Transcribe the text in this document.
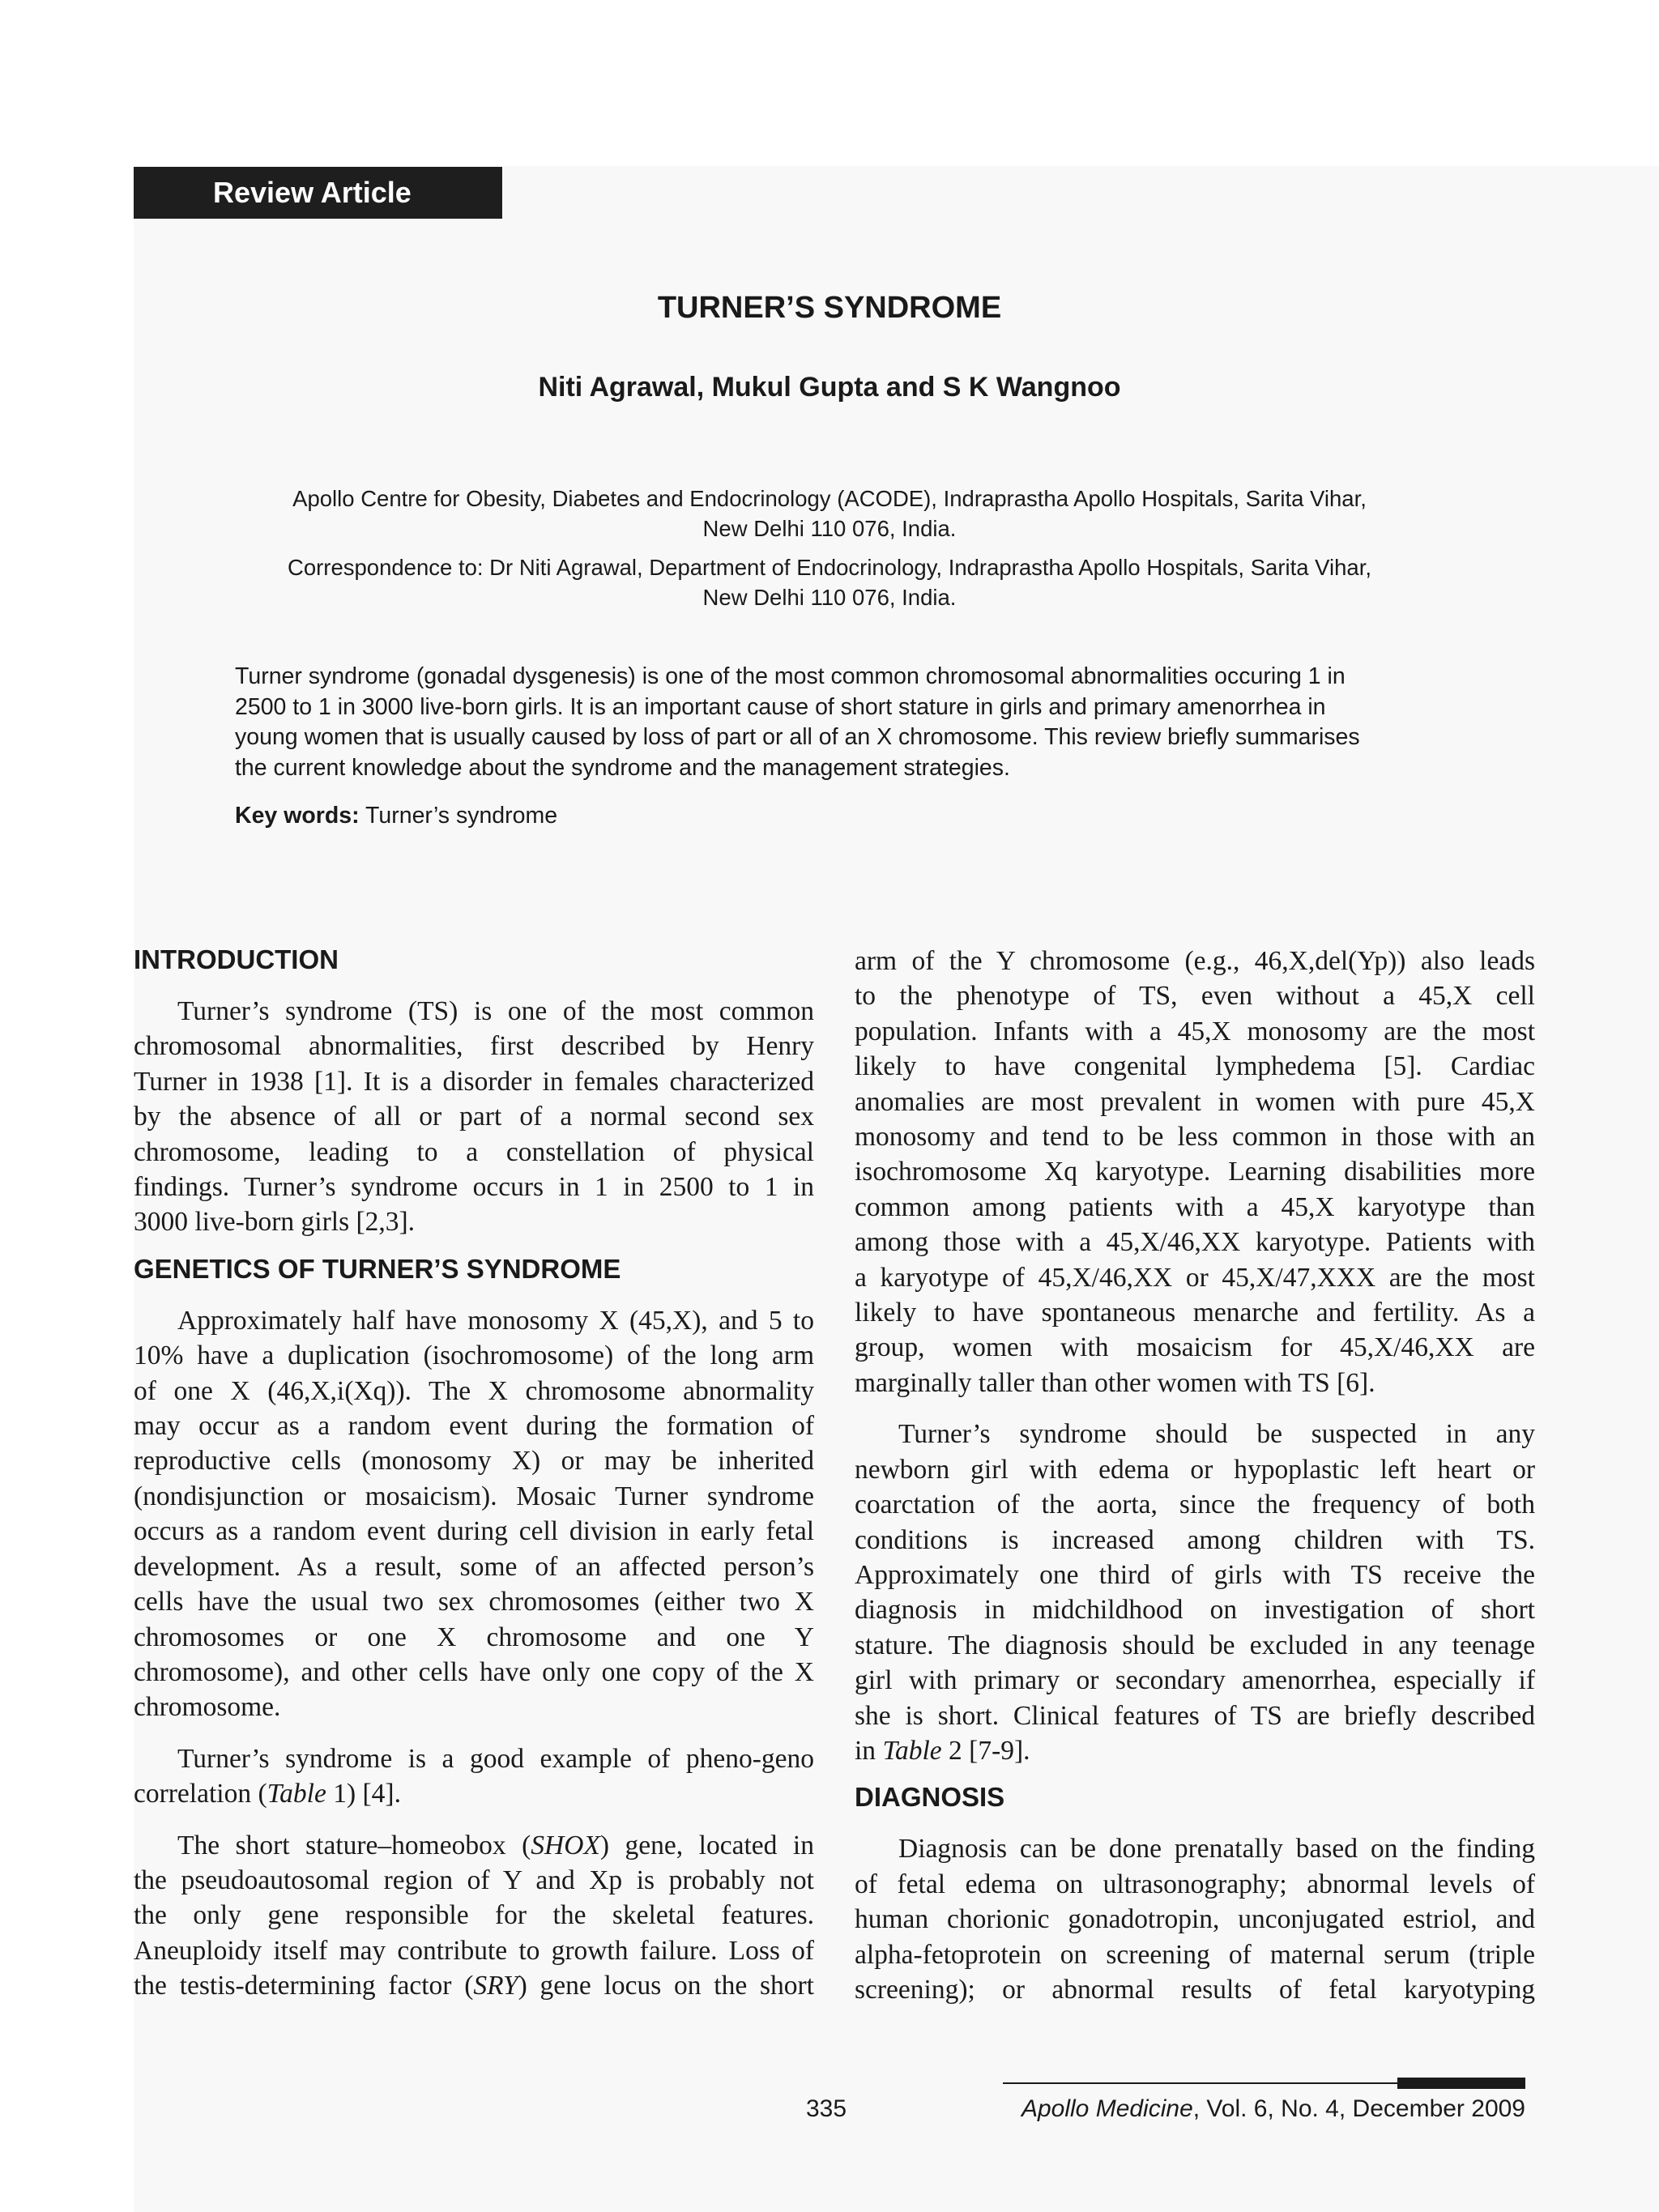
Review Article
TURNER’S SYNDROME

Niti Agrawal, Mukul Gupta and S K Wangnoo

Apollo Centre for Obesity, Diabetes and Endocrinology (ACODE), Indraprastha Apollo Hospitals, Sarita Vihar,
New Delhi 110 076, India.

Correspondence to: Dr Niti Agrawal, Department of Endocrinology, Indraprastha Apollo Hospitals, Sarita Vihar,
New Delhi 110 076, India.

Turner syndrome (gonadal dysgenesis) is one of the most common chromosomal abnormalities occuring 1 in
2500 to 1 in 3000 live-born girls. It is an important cause of short stature in girls and primary amenorrhea in
young women that is usually caused by loss of part or all of an X chromosome. This review briefly summarises
the current knowledge about the syndrome and the management strategies.

Key words: Turner’s syndrome

INTRODUCTION

Turner’s syndrome (TS) is one of the most common
chromosomal abnormalities, first described by Henry
Turner in 1938 [1]. It is a disorder in females characterized
by the absence of all or part of a normal second sex
chromosome, leading to a constellation of physical
findings. Turner’s syndrome occurs in 1 in 2500 to 1 in
3000 live-born girls [2,3].

GENETICS OF TURNER’S SYNDROME

Approximately half have monosomy X (45,X), and 5 to
10% have a duplication (isochromosome) of the long arm
of one X (46,X,i(Xq)). The X chromosome abnormality
may occur as a random event during the formation of
reproductive cells (monosomy X) or may be inherited
(nondisjunction or mosaicism). Mosaic Turner syndrome
occurs as a random event during cell division in early fetal
development. As a result, some of an affected person’s
cells have the usual two sex chromosomes (either two X
chromosomes or one X chromosome and one Y
chromosome), and other cells have only one copy of the X
chromosome.

Turner’s syndrome is a good example of pheno-geno
correlation (Table 1) [4].

The short stature–homeobox (SHOX) gene, located in
the pseudoautosomal region of Y and Xp is probably not
the only gene responsible for the skeletal features.
Aneuploidy itself may contribute to growth failure. Loss of
the testis-determining factor (SRY) gene locus on the short

arm of the Y chromosome (e.g., 46,X,del(Yp)) also leads
to the phenotype of TS, even without a 45,X cell
population. Infants with a 45,X monosomy are the most
likely to have congenital lymphedema [5]. Cardiac
anomalies are most prevalent in women with pure 45,X
monosomy and tend to be less common in those with an
isochromosome Xq karyotype. Learning disabilities more
common among patients with a 45,X karyotype than
among those with a 45,X/46,XX karyotype. Patients with
a karyotype of 45,X/46,XX or 45,X/47,XXX are the most
likely to have spontaneous menarche and fertility. As a
group, women with mosaicism for 45,X/46,XX are
marginally taller than other women with TS [6].

Turner’s syndrome should be suspected in any
newborn girl with edema or hypoplastic left heart or
coarctation of the aorta, since the frequency of both
conditions is increased among children with TS.
Approximately one third of girls with TS receive the
diagnosis in midchildhood on investigation of short
stature. The diagnosis should be excluded in any teenage
girl with primary or secondary amenorrhea, especially if
she is short. Clinical features of TS are briefly described
in Table 2 [7-9].

DIAGNOSIS

Diagnosis can be done prenatally based on the finding
of fetal edema on ultrasonography; abnormal levels of
human chorionic gonadotropin, unconjugated estriol, and
alpha-fetoprotein on screening of maternal serum (triple
screening); or abnormal results of fetal karyotyping

335	Apollo Medicine, Vol. 6, No. 4, December 2009
